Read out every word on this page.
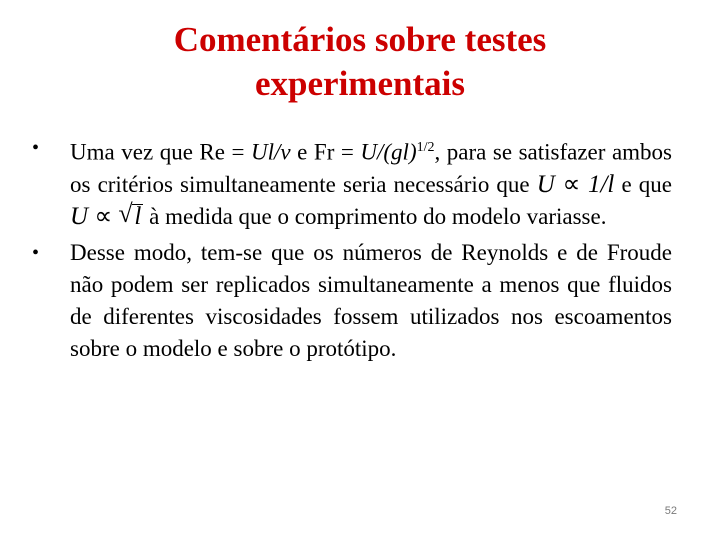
Comentários sobre testes
experimentais
• Uma vez que Re = Ul/ν e Fr = U/(gl)$^{1/2}$, para se satisfazer ambos os critérios simultaneamente seria necessário que U ∝ 1/l e que U ∝ √ l à medida que o comprimento do modelo variasse.
• Desse modo, tem-se que os números de Reynolds e de Froude não podem ser replicados simultaneamente a menos que fluidos de diferentes viscosidades fossem utilizados nos escoamentos sobre o modelo e sobre o protótipo.
52
